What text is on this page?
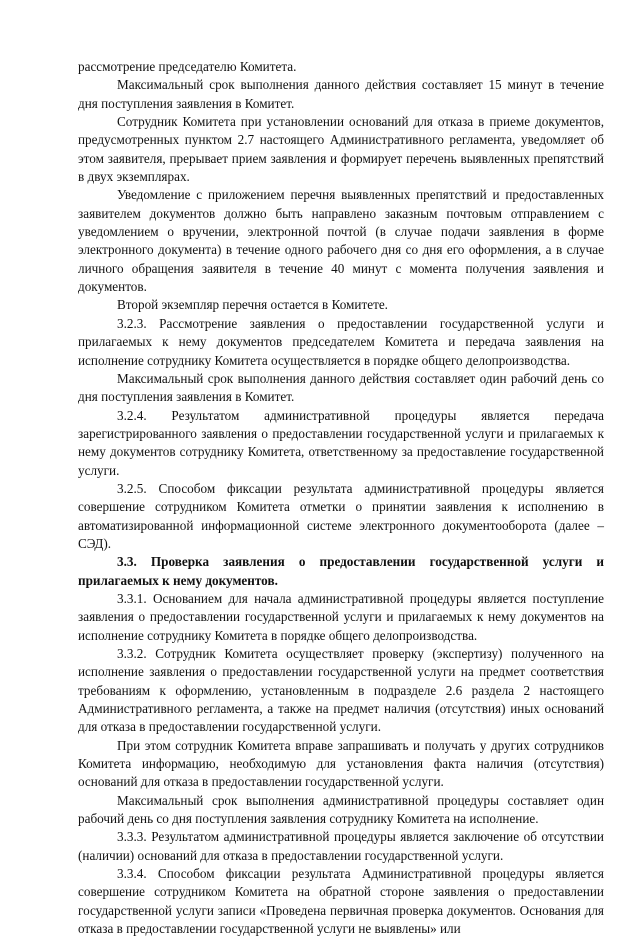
рассмотрение председателю Комитета.

Максимальный срок выполнения данного действия составляет 15 минут в течение дня поступления заявления в Комитет.

Сотрудник Комитета при установлении оснований для отказа в приеме документов, предусмотренных пунктом 2.7 настоящего Административного регламента, уведомляет об этом заявителя, прерывает прием заявления и формирует перечень выявленных препятствий в двух экземплярах.

Уведомление с приложением перечня выявленных препятствий и предоставленных заявителем документов должно быть направлено заказным почтовым отправлением с уведомлением о вручении, электронной почтой (в случае подачи заявления в форме электронного документа) в течение одного рабочего дня со дня его оформления, а в случае личного обращения заявителя в течение 40 минут с момента получения заявления и документов.

Второй экземпляр перечня остается в Комитете.

3.2.3. Рассмотрение заявления о предоставлении государственной услуги и прилагаемых к нему документов председателем Комитета и передача заявления на исполнение сотруднику Комитета осуществляется в порядке общего делопроизводства.

Максимальный срок выполнения данного действия составляет один рабочий день со дня поступления заявления в Комитет.

3.2.4. Результатом административной процедуры является передача зарегистрированного заявления о предоставлении государственной услуги и прилагаемых к нему документов сотруднику Комитета, ответственному за предоставление государственной услуги.

3.2.5. Способом фиксации результата административной процедуры является совершение сотрудником Комитета отметки о принятии заявления к исполнению в автоматизированной информационной системе электронного документооборота (далее – СЭД).

3.3. Проверка заявления о предоставлении государственной услуги и прилагаемых к нему документов.

3.3.1. Основанием для начала административной процедуры является поступление заявления о предоставлении государственной услуги и прилагаемых к нему документов на исполнение сотруднику Комитета в порядке общего делопроизводства.

3.3.2. Сотрудник Комитета осуществляет проверку (экспертизу) полученного на исполнение заявления о предоставлении государственной услуги на предмет соответствия требованиям к оформлению, установленным в подразделе 2.6 раздела 2 настоящего Административного регламента, а также на предмет наличия (отсутствия) иных оснований для отказа в предоставлении государственной услуги.

При этом сотрудник Комитета вправе запрашивать и получать у других сотрудников Комитета информацию, необходимую для установления факта наличия (отсутствия) оснований для отказа в предоставлении государственной услуги.

Максимальный срок выполнения административной процедуры составляет один рабочий день со дня поступления заявления сотруднику Комитета на исполнение.

3.3.3. Результатом административной процедуры является заключение об отсутствии (наличии) оснований для отказа в предоставлении государственной услуги.

3.3.4. Способом фиксации результата Административной процедуры является совершение сотрудником Комитета на обратной стороне заявления о предоставлении государственной услуги записи «Проведена первичная проверка документов. Основания для отказа в предоставлении государственной услуги не выявлены» или
